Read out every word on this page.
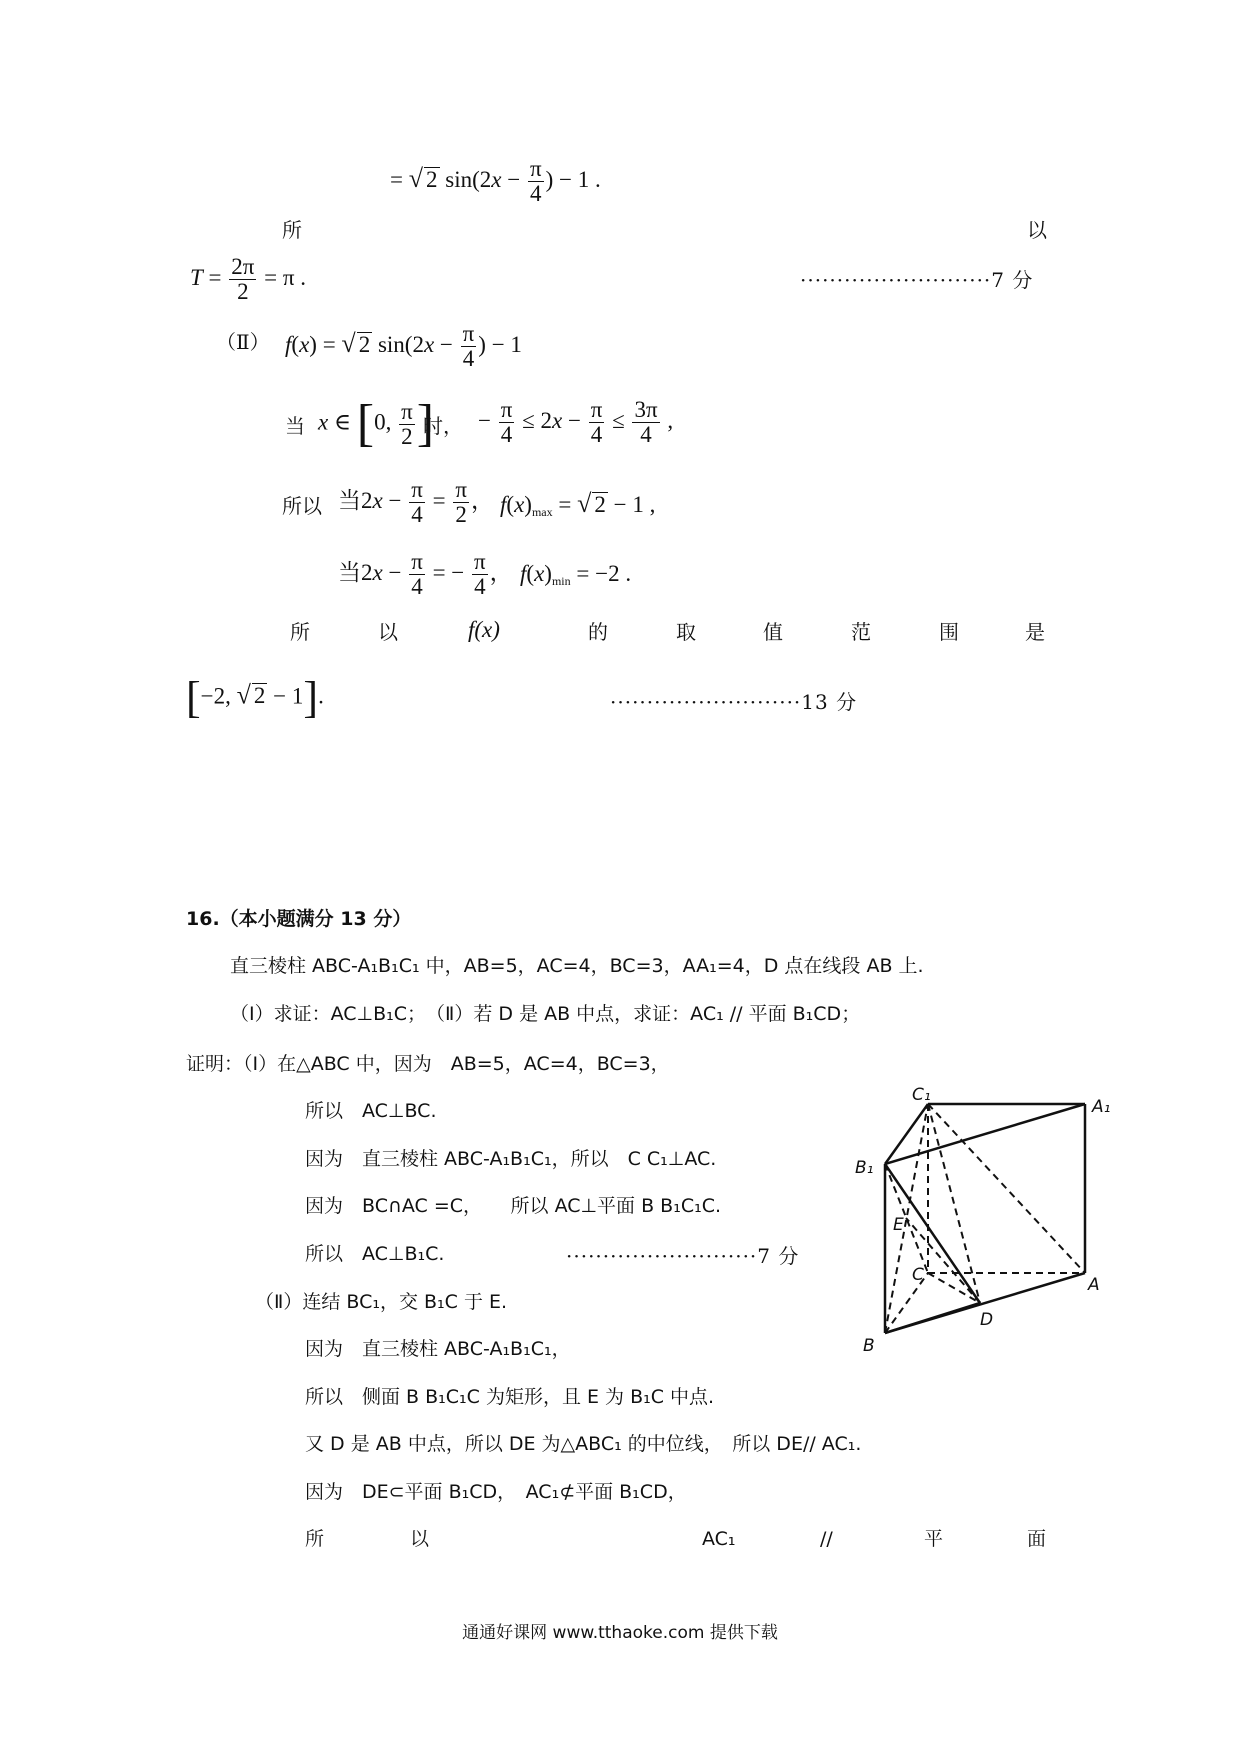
= √ 2 $\sin(2x - \frac{\pi}{4}$ ) − 1 .
所	以
$T = \frac{2\pi}{2} = \pi$ .	··························7 分
（Ⅱ） f(x) = √ 2 $\sin(2x - \frac{\pi}{4}$ ) − 1
当 x ∈ [0, $\frac{\pi}{2}$ ]
时， − $\frac{\pi}{4} \le 2x - \frac{\pi}{4} \le \frac{3\pi}{4}$ ,
所以 当$2x - \frac{\pi}{4} = \frac{\pi}{2}$ ， $f(x)_{max}$ = √ 2 − 1 ,
当$2x - \frac{\pi}{4}$ = − $\frac{\pi}{4}$ ， $f(x)_{min} = -2$ .
所	以	f(x)	的	取	值	范	围	是
[−2, √ 2 − 1].	··························13 分
16.（本小题满分 13 分）
直三棱柱 ABC-A₁B₁C₁ 中，AB=5，AC=4，BC=3，AA₁=4，D 点在线段 AB 上.
（Ⅰ）求证：AC⊥B₁C；　（Ⅱ）若 D 是 AB 中点，求证：AC₁ // 平面 B₁CD；
证明：（Ⅰ）在△ABC 中，因为　AB=5，AC=4，BC=3，
所以　AC⊥BC.
因为　直三棱柱 ABC-A₁B₁C₁，所以　C C₁⊥AC.
因为　BC∩AC =C，　　所以 AC⊥平面 B B₁C₁C.
所以　AC⊥B₁C.	··························7 分
（Ⅱ）连结 BC₁，交 B₁C 于 E.
因为　直三棱柱 ABC-A₁B₁C₁，
所以　侧面 B B₁C₁C 为矩形，且 E 为 B₁C 中点.
又 D 是 AB 中点，所以 DE 为△ABC₁ 的中位线，　所以 DE// AC₁.
因为　DE⊂平面 B₁CD，　AC₁⊄平面 B₁CD，
所	以	AC₁	//	平	面
C₁
A₁
B₁
E
C	A
B
D
通通好课网 www.tthaoke.com 提供下载
